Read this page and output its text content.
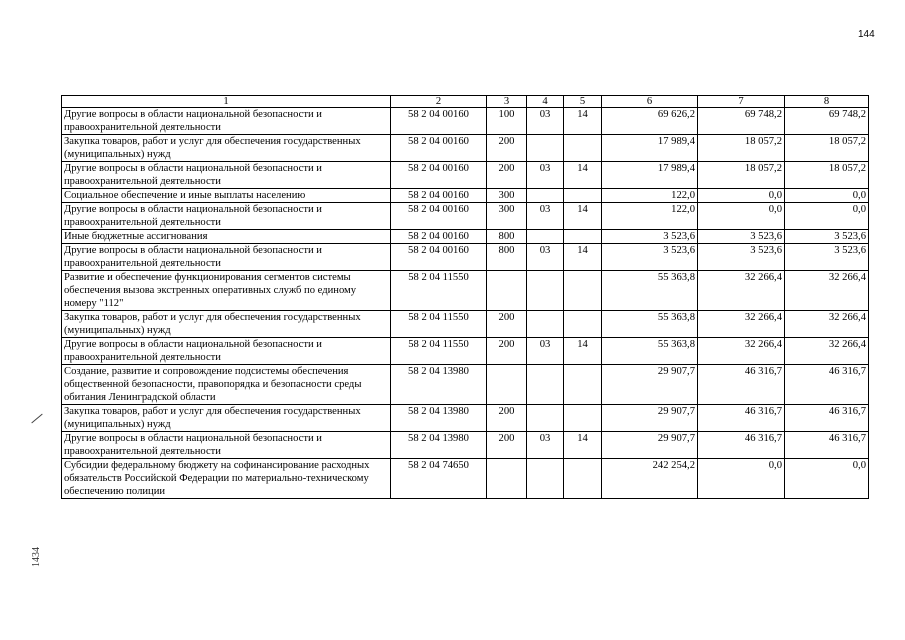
144
1	2	3	4	5	6	7	8
Другие вопросы в области национальной безопасности и правоохранительной деятельности	58 2 04 00160	100	03	14	69 626,2	69 748,2	69 748,2
Закупка товаров, работ и услуг для обеспечения государственных (муниципальных) нужд	58 2 04 00160	200			17 989,4	18 057,2	18 057,2
Другие вопросы в области национальной безопасности и правоохранительной деятельности	58 2 04 00160	200	03	14	17 989,4	18 057,2	18 057,2
Социальное обеспечение и иные выплаты населению	58 2 04 00160	300			122,0	0,0	0,0
Другие вопросы в области национальной безопасности и правоохранительной деятельности	58 2 04 00160	300	03	14	122,0	0,0	0,0
Иные бюджетные ассигнования	58 2 04 00160	800			3 523,6	3 523,6	3 523,6
Другие вопросы в области национальной безопасности и правоохранительной деятельности	58 2 04 00160	800	03	14	3 523,6	3 523,6	3 523,6
Развитие и обеспечение функционирования сегментов системы обеспечения вызова экстренных оперативных служб по единому номеру "112"	58 2 04 11550				55 363,8	32 266,4	32 266,4
Закупка товаров, работ и услуг для обеспечения государственных (муниципальных) нужд	58 2 04 11550	200			55 363,8	32 266,4	32 266,4
Другие вопросы в области национальной безопасности и правоохранительной деятельности	58 2 04 11550	200	03	14	55 363,8	32 266,4	32 266,4
Создание, развитие и сопровождение подсистемы обеспечения общественной безопасности, правопорядка и безопасности среды обитания Ленинградской области	58 2 04 13980				29 907,7	46 316,7	46 316,7
Закупка товаров, работ и услуг для обеспечения государственных (муниципальных) нужд	58 2 04 13980	200			29 907,7	46 316,7	46 316,7
Другие вопросы в области национальной безопасности и правоохранительной деятельности	58 2 04 13980	200	03	14	29 907,7	46 316,7	46 316,7
Субсидии федеральному бюджету на софинансирование расходных обязательств Российской Федерации по материально-техническому обеспечению полиции	58 2 04 74650				242 254,2	0,0	0,0
1434
